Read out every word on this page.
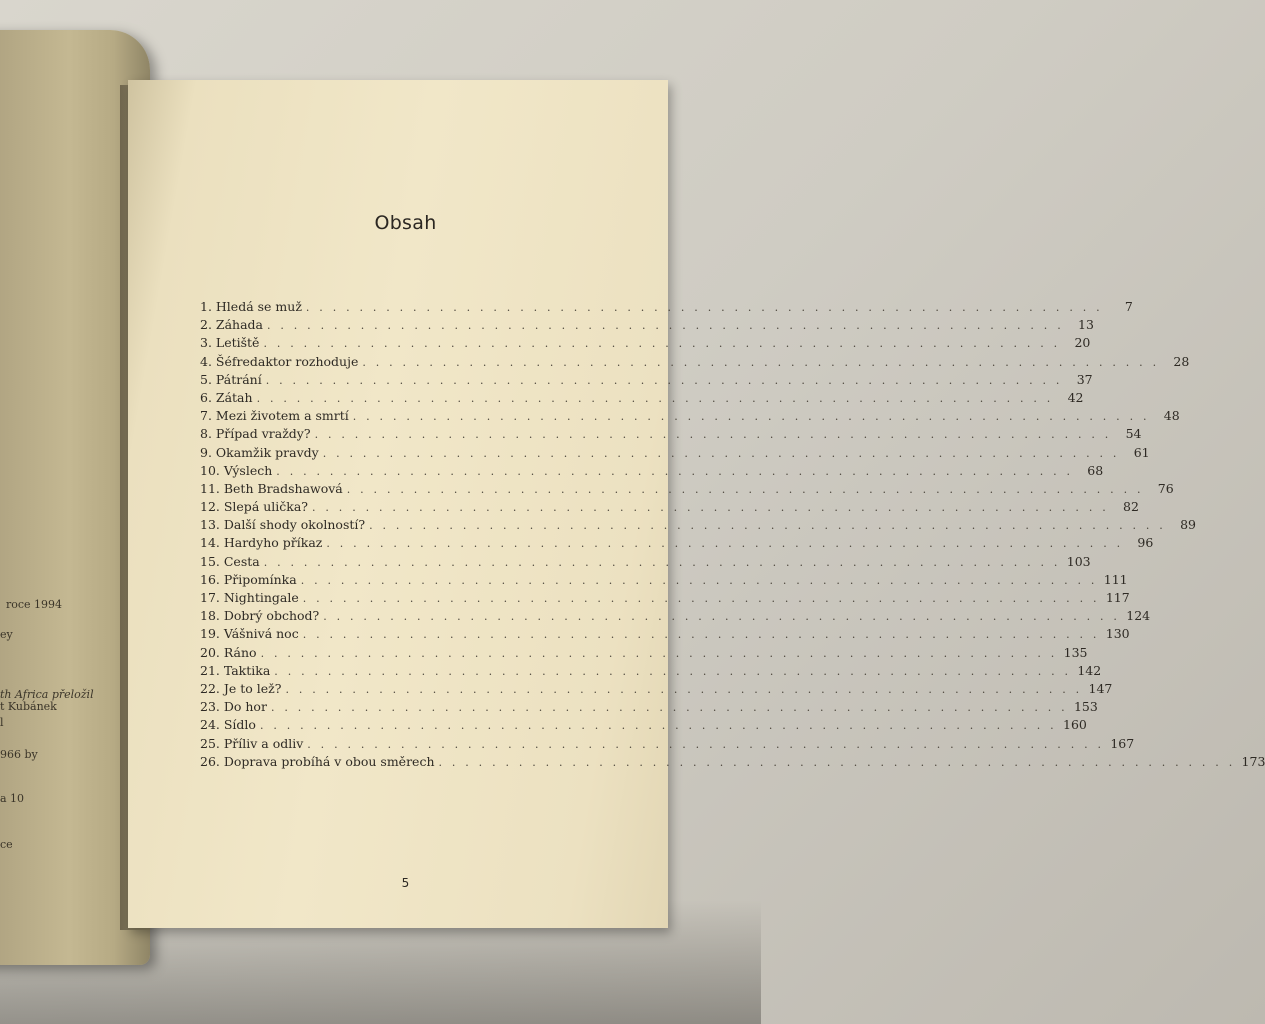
roce 1994
ey
th Africa přeložil
t Kubánek
l
966 by
a 10
ce
Obsah
1. Hledá se muž . . . . . . . . . . . . . . . . . . . . . . . . . . . . . . . . . . . . . . . . . . . . . . . . . . . . . . . . . . . .	7
2. Záhada . . . . . . . . . . . . . . . . . . . . . . . . . . . . . . . . . . . . . . . . . . . . . . . . . . . . . . . . . . . .	13
3. Letiště . . . . . . . . . . . . . . . . . . . . . . . . . . . . . . . . . . . . . . . . . . . . . . . . . . . . . . . . . . . .	20
4. Šéfredaktor rozhoduje . . . . . . . . . . . . . . . . . . . . . . . . . . . . . . . . . . . . . . . . . . . . . . . . . . . . . . . . . . . .	28
5. Pátrání . . . . . . . . . . . . . . . . . . . . . . . . . . . . . . . . . . . . . . . . . . . . . . . . . . . . . . . . . . . .	37
6. Zátah . . . . . . . . . . . . . . . . . . . . . . . . . . . . . . . . . . . . . . . . . . . . . . . . . . . . . . . . . . . .	42
7. Mezi životem a smrtí . . . . . . . . . . . . . . . . . . . . . . . . . . . . . . . . . . . . . . . . . . . . . . . . . . . . . . . . . . . .	48
8. Případ vraždy? . . . . . . . . . . . . . . . . . . . . . . . . . . . . . . . . . . . . . . . . . . . . . . . . . . . . . . . . . . . .	54
9. Okamžik pravdy . . . . . . . . . . . . . . . . . . . . . . . . . . . . . . . . . . . . . . . . . . . . . . . . . . . . . . . . . . . .	61
10. Výslech . . . . . . . . . . . . . . . . . . . . . . . . . . . . . . . . . . . . . . . . . . . . . . . . . . . . . . . . . . . .	68
11. Beth Bradshawová . . . . . . . . . . . . . . . . . . . . . . . . . . . . . . . . . . . . . . . . . . . . . . . . . . . . . . . . . . . .	76
12. Slepá ulička? . . . . . . . . . . . . . . . . . . . . . . . . . . . . . . . . . . . . . . . . . . . . . . . . . . . . . . . . . . . .	82
13. Další shody okolností? . . . . . . . . . . . . . . . . . . . . . . . . . . . . . . . . . . . . . . . . . . . . . . . . . . . . . . . . . . . .	89
14. Hardyho příkaz . . . . . . . . . . . . . . . . . . . . . . . . . . . . . . . . . . . . . . . . . . . . . . . . . . . . . . . . . . . .	96
15. Cesta . . . . . . . . . . . . . . . . . . . . . . . . . . . . . . . . . . . . . . . . . . . . . . . . . . . . . . . . . . . . 103
16. Připomínka . . . . . . . . . . . . . . . . . . . . . . . . . . . . . . . . . . . . . . . . . . . . . . . . . . . . . . . . . . . . 111
17. Nightingale . . . . . . . . . . . . . . . . . . . . . . . . . . . . . . . . . . . . . . . . . . . . . . . . . . . . . . . . . . . . 117
18. Dobrý obchod? . . . . . . . . . . . . . . . . . . . . . . . . . . . . . . . . . . . . . . . . . . . . . . . . . . . . . . . . . . . . 124
19. Vášnivá noc . . . . . . . . . . . . . . . . . . . . . . . . . . . . . . . . . . . . . . . . . . . . . . . . . . . . . . . . . . . . 130
20. Ráno . . . . . . . . . . . . . . . . . . . . . . . . . . . . . . . . . . . . . . . . . . . . . . . . . . . . . . . . . . . . 135
21. Taktika . . . . . . . . . . . . . . . . . . . . . . . . . . . . . . . . . . . . . . . . . . . . . . . . . . . . . . . . . . . . 142
22. Je to lež? . . . . . . . . . . . . . . . . . . . . . . . . . . . . . . . . . . . . . . . . . . . . . . . . . . . . . . . . . . . . 147
23. Do hor . . . . . . . . . . . . . . . . . . . . . . . . . . . . . . . . . . . . . . . . . . . . . . . . . . . . . . . . . . . . 153
24. Sídlo . . . . . . . . . . . . . . . . . . . . . . . . . . . . . . . . . . . . . . . . . . . . . . . . . . . . . . . . . . . . 160
25. Příliv a odliv . . . . . . . . . . . . . . . . . . . . . . . . . . . . . . . . . . . . . . . . . . . . . . . . . . . . . . . . . . . . 167
26. Doprava probíhá v obou směrech . . . . . . . . . . . . . . . . . . . . . . . . . . . . . . . . . . . . . . . . . . . . . . . . . . . . . . . . . . . . 173
5
